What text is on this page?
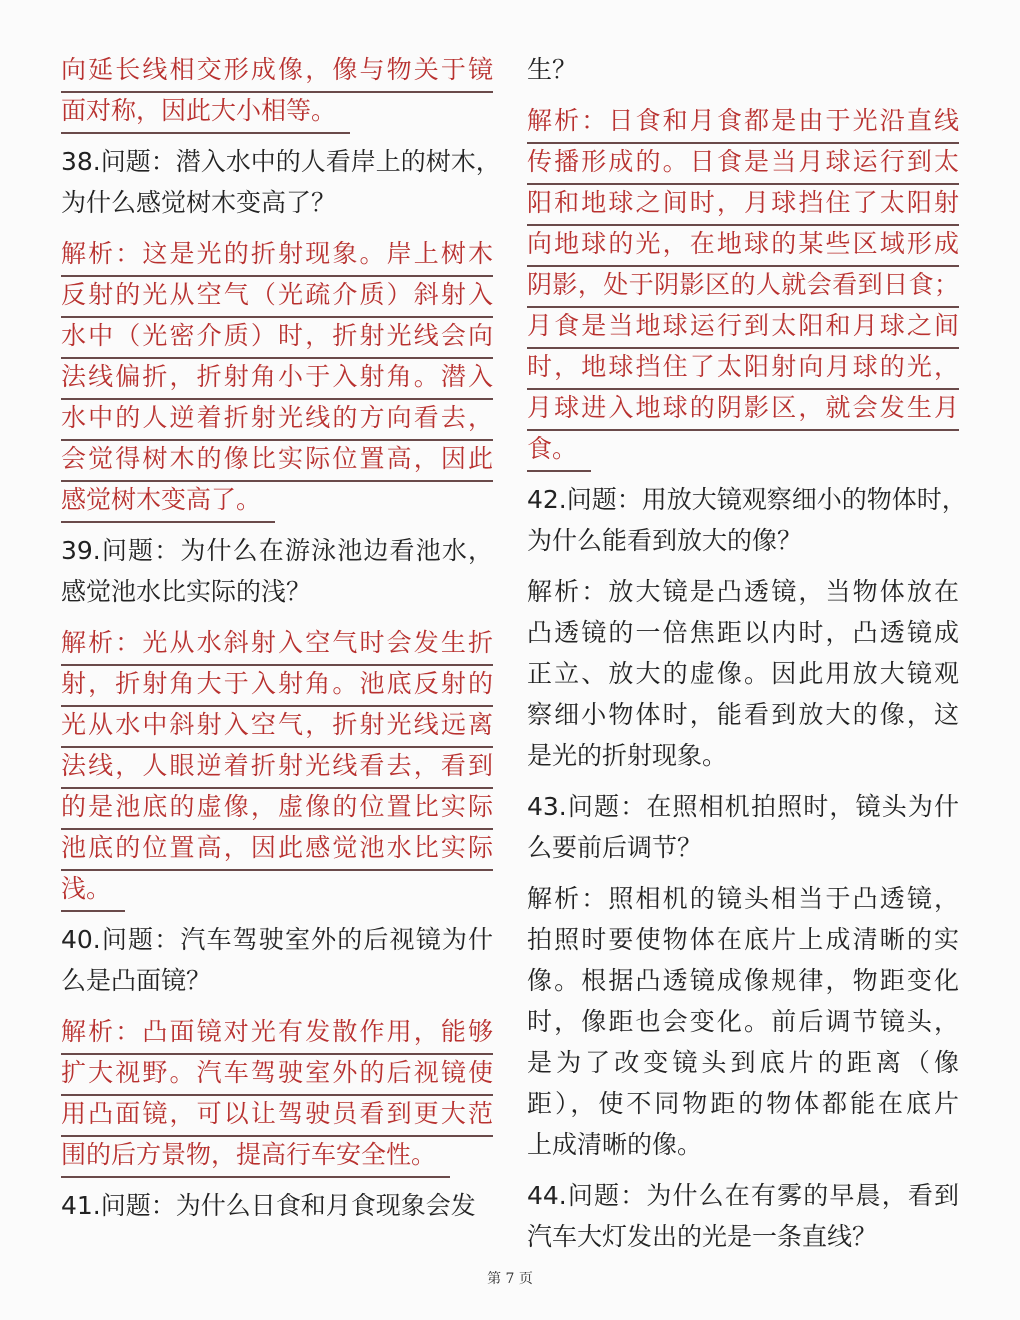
向延长线相交形成像，像与物关于镜
面对称，因此大小相等。
38.问题：潜入水中的人看岸上的树木，
为什么感觉树木变高了？
解析：这是光的折射现象。岸上树木
反射的光从空气（光疏介质）斜射入
水中（光密介质）时，折射光线会向
法线偏折，折射角小于入射角。潜入
水中的人逆着折射光线的方向看去，
会觉得树木的像比实际位置高，因此
感觉树木变高了。
39.问题：为什么在游泳池边看池水，
感觉池水比实际的浅？
解析：光从水斜射入空气时会发生折
射，折射角大于入射角。池底反射的
光从水中斜射入空气，折射光线远离
法线，人眼逆着折射光线看去，看到
的是池底的虚像，虚像的位置比实际
池底的位置高，因此感觉池水比实际
浅。
40.问题：汽车驾驶室外的后视镜为什
么是凸面镜？
解析：凸面镜对光有发散作用，能够
扩大视野。汽车驾驶室外的后视镜使
用凸面镜，可以让驾驶员看到更大范
围的后方景物，提高行车安全性。
41.问题：为什么日食和月食现象会发
生？
解析：日食和月食都是由于光沿直线
传播形成的。日食是当月球运行到太
阳和地球之间时，月球挡住了太阳射
向地球的光，在地球的某些区域形成
阴影，处于阴影区的人就会看到日食；
月食是当地球运行到太阳和月球之间
时，地球挡住了太阳射向月球的光，
月球进入地球的阴影区，就会发生月
食。
42.问题：用放大镜观察细小的物体时，
为什么能看到放大的像？
解析：放大镜是凸透镜，当物体放在
凸透镜的一倍焦距以内时，凸透镜成
正立、放大的虚像。因此用放大镜观
察细小物体时，能看到放大的像，这
是光的折射现象。
43.问题：在照相机拍照时，镜头为什
么要前后调节？
解析：照相机的镜头相当于凸透镜，
拍照时要使物体在底片上成清晰的实
像。根据凸透镜成像规律，物距变化
时，像距也会变化。前后调节镜头，
是为了改变镜头到底片的距离（像
距），使不同物距的物体都能在底片
上成清晰的像。
44.问题：为什么在有雾的早晨，看到
汽车大灯发出的光是一条直线？
第 7 页
